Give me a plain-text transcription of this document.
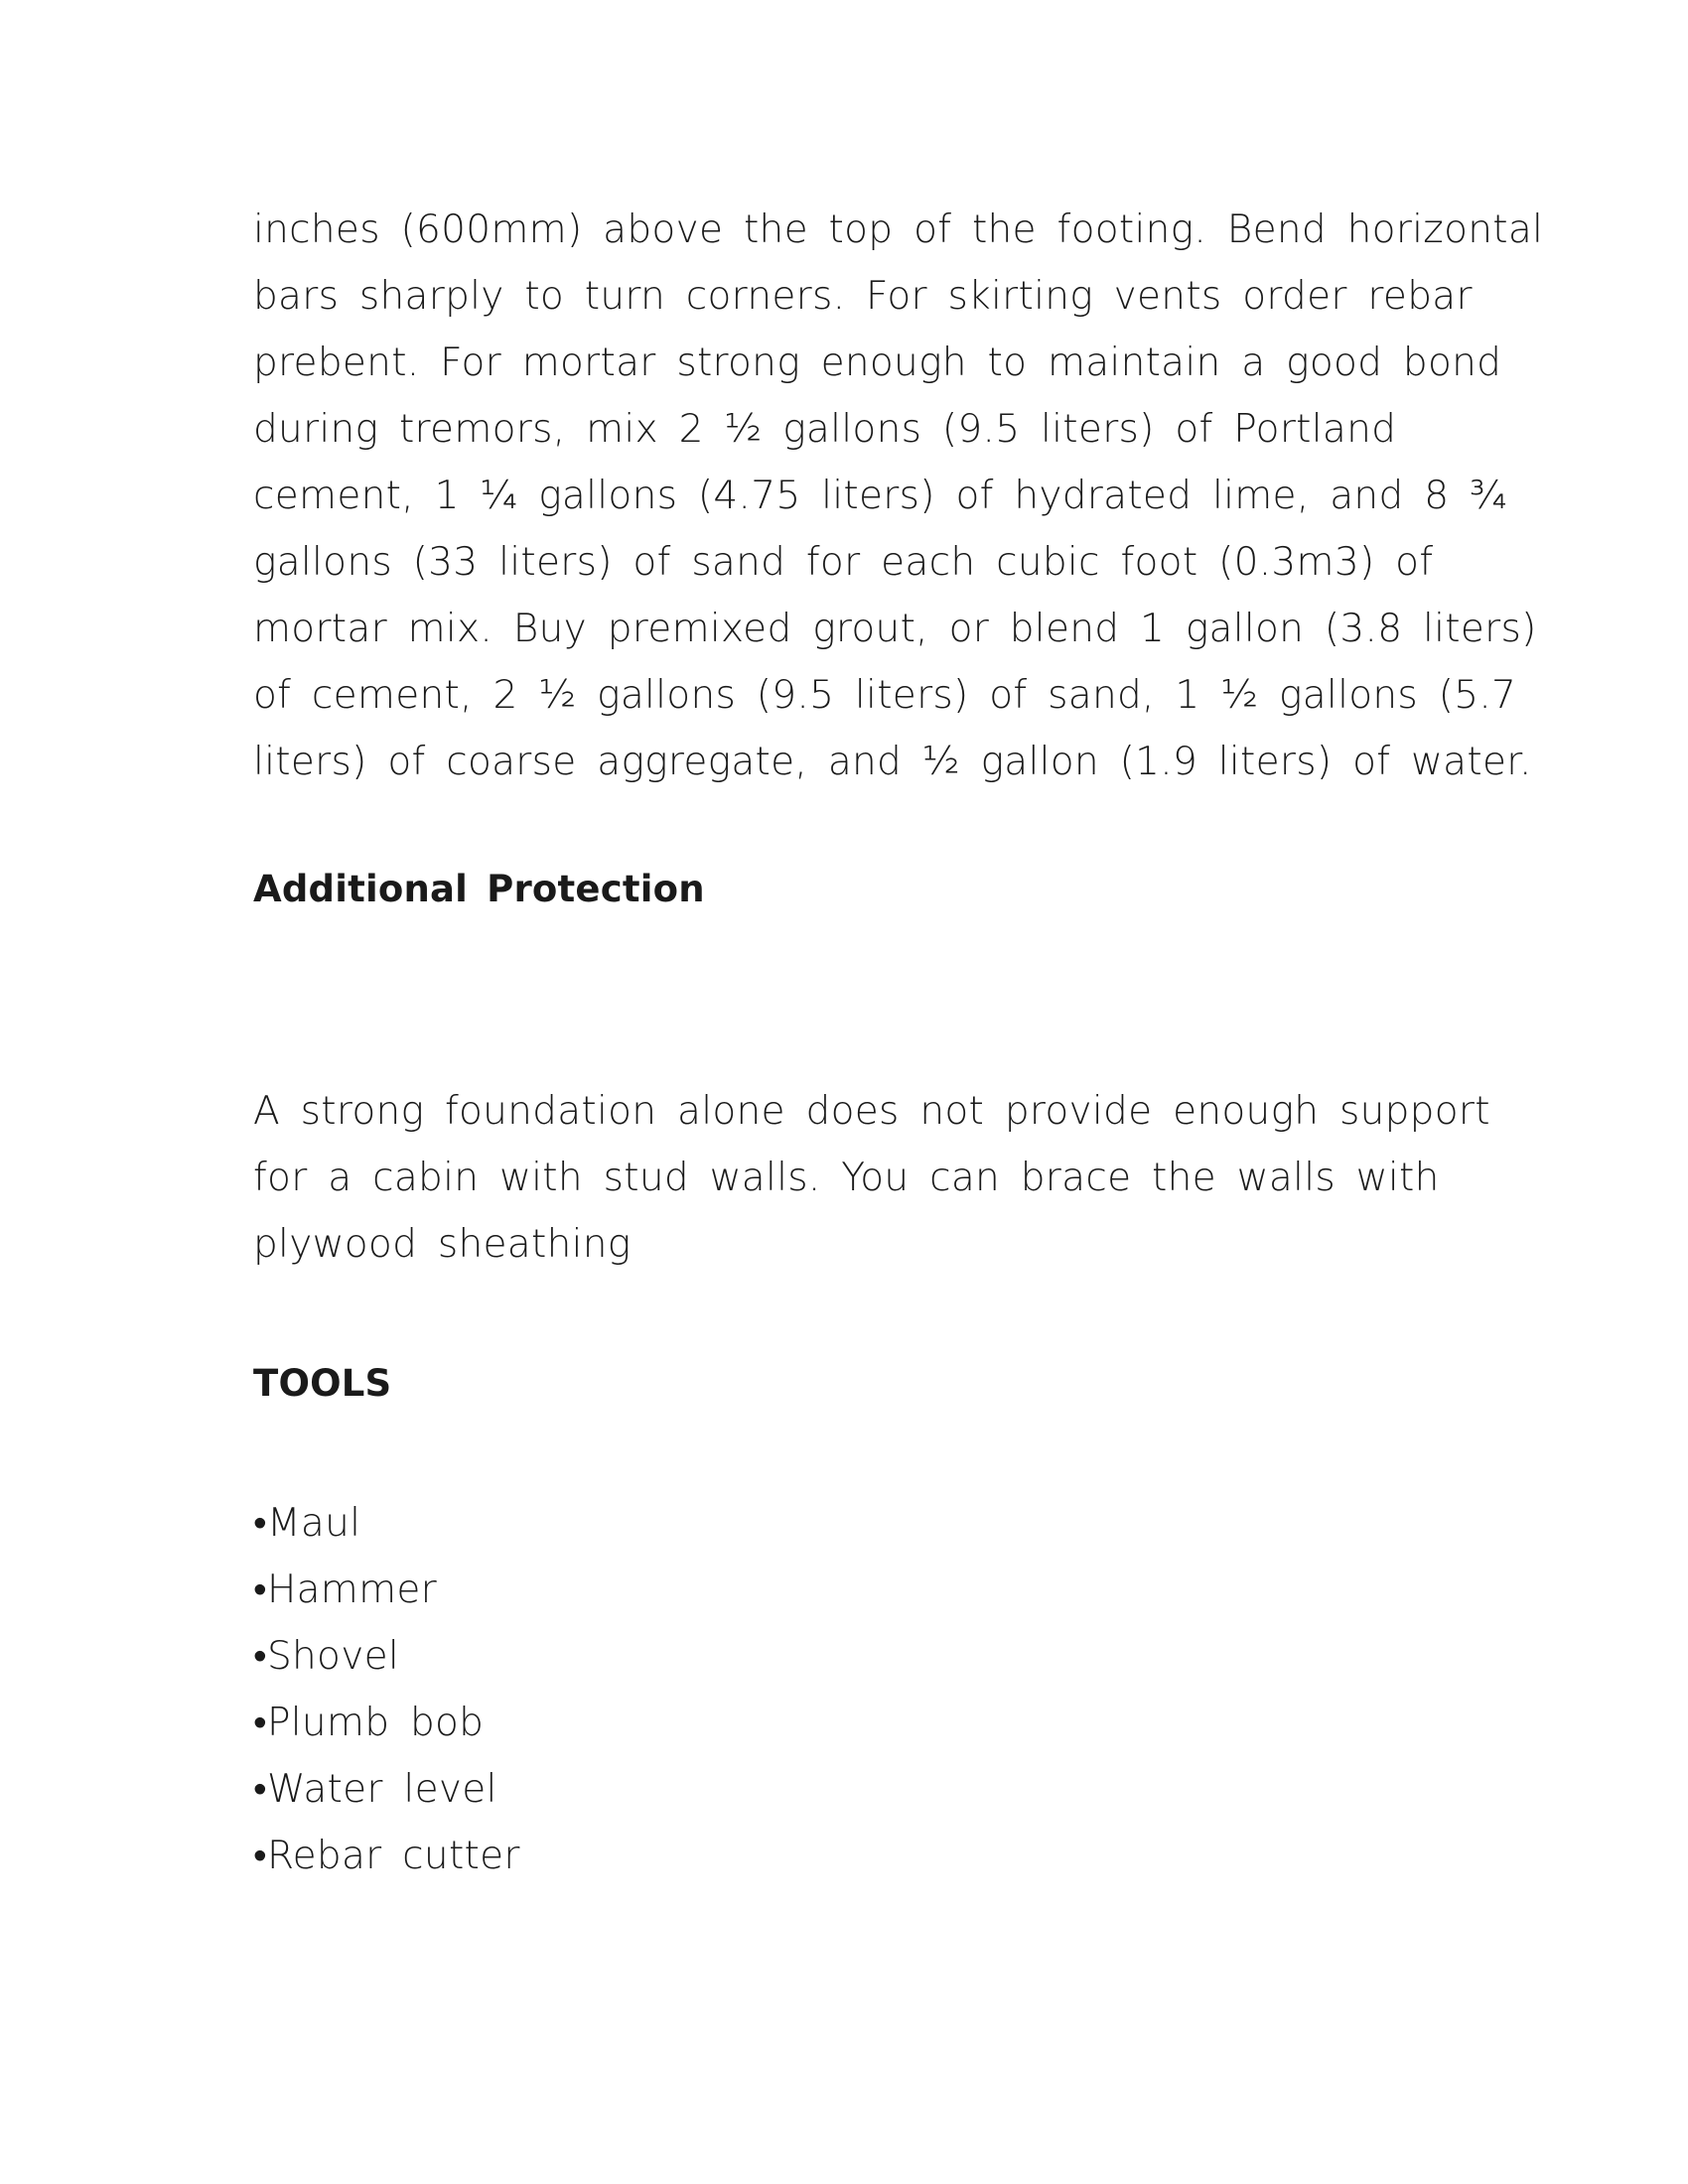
inches (600mm) above the top of the footing. Bend horizontal
bars sharply to turn corners. For skirting vents order rebar
prebent. For mortar strong enough to maintain a good bond
during tremors, mix 2 ½ gallons (9.5 liters) of Portland
cement, 1 ¼ gallons (4.75 liters) of hydrated lime, and 8 ¾
gallons (33 liters) of sand for each cubic foot (0.3m3) of
mortar mix. Buy premixed grout, or blend 1 gallon (3.8 liters)
of cement, 2 ½ gallons (9.5 liters) of sand, 1 ½ gallons (5.7
liters) of coarse aggregate, and ½ gallon (1.9 liters) of water.
Additional Protection
A strong foundation alone does not provide enough support
for a cabin with stud walls. You can brace the walls with
plywood sheathing
TOOLS
•Maul
•Hammer
•Shovel
•Plumb bob
•Water level
•Rebar cutter
